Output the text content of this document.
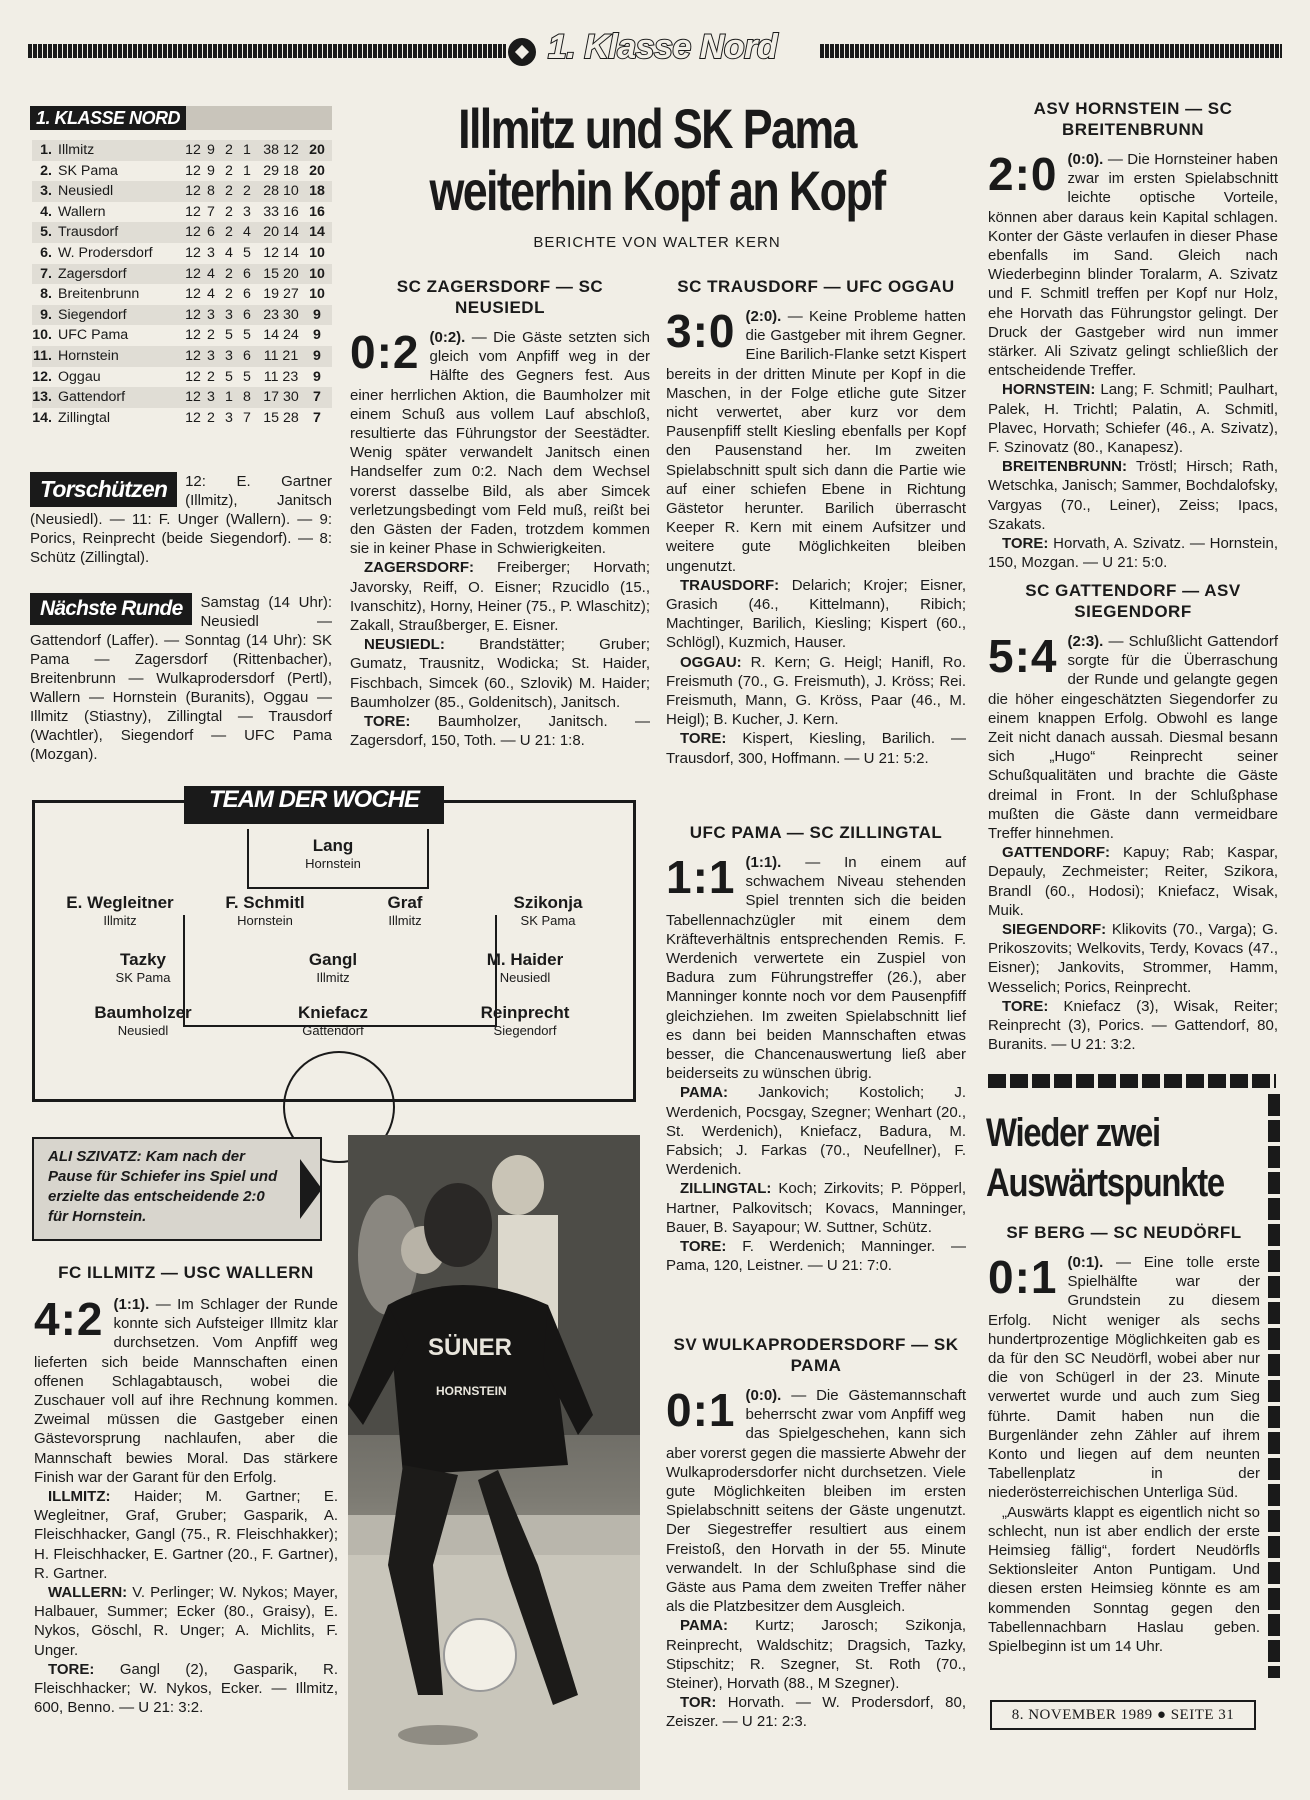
1. Klasse Nord
1. KLASSE NORD
1. Illmitz	12 9 2 1 38 12 20
2. SK Pama	12 9 2 1 29 18 20
3. Neusiedl	12 8 2 2 28 10 18
4. Wallern	12 7 2 3 33 16 16
5. Trausdorf	12 6 2 4 20 14 14
6. W. Prodersdorf	12 3 4 5 12 14 10
7. Zagersdorf	12 4 2 6 15 20 10
8. Breitenbrunn	12 4 2 6 19 27 10
9. Siegendorf	12 3 3 6 23 30	9
10. UFC Pama	12 2 5 5 14 24	9
11. Hornstein	12 3 3 6 11 21	9
12. Oggau	12 2 5 5 11 23	9
13. Gattendorf	12 3 1 8 17 30	7
14. Zillingtal	12 2 3 7 15 28	7
Torschützen	12: E. Gartner (Illmitz), Janitsch (Neusiedl). — 11: F. Unger (Wallern). — 9: Porics, Reinprecht (beide Siegendorf). — 8: Schütz (Zillingtal).
Nächste Runde	Samstag (14 Uhr): Neusiedl — Gattendorf (Laffer). — Sonntag (14 Uhr): SK Pama — Zagersdorf (Rittenbacher), Breitenbrunn — Wulkaprodersdorf (Pertl), Wallern — Hornstein (Buranits), Oggau — Illmitz (Stiastny), Zillingtal — Trausdorf (Wachtler), Siegendorf — UFC Pama (Mozgan).
TEAM DER WOCHE
Lang
Hornstein
E. Wegleitner
Illmitz
F. Schmitl
Hornstein
Graf
Illmitz
Szikonja
SK Pama
Tazky
SK Pama
Gangl
Illmitz
M. Haider
Neusiedl
Baumholzer
Neusiedl
Kniefacz
Gattendorf
Reinprecht
Siegendorf
ALI SZIVATZ: Kam nach der Pause für Schiefer ins Spiel und erzielte das entscheidende 2:0 für Hornstein.
SÜNER
HORNSTEIN
FC ILLMITZ — USC WALLERN
4:2 (1:1). — Im Schlager der Runde konnte sich Aufsteiger Illmitz klar durchsetzen. Vom Anpfiff weg lieferten sich beide Mannschaften einen offenen Schlagabtausch, wobei die Zuschauer voll auf ihre Rechnung kommen. Zweimal müssen die Gastgeber einen Gästevorsprung nachlaufen, aber die Mannschaft bewies Moral. Das stärkere Finish war der Garant für den Erfolg.
ILLMITZ: Haider; M. Gartner; E. Wegleitner, Graf, Gruber; Gasparik, A. Fleischhacker, Gangl (75., R. Fleischhakker); H. Fleischhacker, E. Gartner (20., F. Gartner), R. Gartner.
WALLERN: V. Perlinger; W. Nykos; Mayer, Halbauer, Summer; Ecker (80., Graisy), E. Nykos, Göschl, R. Unger; A. Michlits, F. Unger.
TORE: Gangl (2), Gasparik, R. Fleischhacker; W. Nykos, Ecker. — Illmitz, 600, Benno. — U 21: 3:2.
Illmitz und SK Pama weiterhin Kopf an Kopf
BERICHTE VON WALTER KERN
SC ZAGERSDORF — SC NEUSIEDL
0:2 (0:2). — Die Gäste setzten sich gleich vom Anpfiff weg in der Hälfte des Gegners fest. Aus einer herrlichen Aktion, die Baumholzer mit einem Schuß aus vollem Lauf abschloß, resultierte das Führungstor der Seestädter. Wenig später verwandelt Janitsch einen Handselfer zum 0:2. Nach dem Wechsel vorerst dasselbe Bild, als aber Simcek verletzungsbedingt vom Feld muß, reißt bei den Gästen der Faden, trotzdem kommen sie in keiner Phase in Schwierigkeiten.
ZAGERSDORF: Freiberger; Horvath; Javorsky, Reiff, O. Eisner; Rzucidlo (15., Ivanschitz), Horny, Heiner (75., P. Wlaschitz); Zakall, Straußberger, E. Eisner.
NEUSIEDL: Brandstätter; Gruber; Gumatz, Trausnitz, Wodicka; St. Haider, Fischbach, Simcek (60., Szlovik) M. Haider; Baumholzer (85., Goldenitsch), Janitsch.
TORE: Baumholzer, Janitsch. — Zagersdorf, 150, Toth. — U 21: 1:8.
SC TRAUSDORF — UFC OGGAU
3:0 (2:0). — Keine Probleme hatten die Gastgeber mit ihrem Gegner. Eine Barilich-Flanke setzt Kispert bereits in der dritten Minute per Kopf in die Maschen, in der Folge etliche gute Sitzer nicht verwertet, aber kurz vor dem Pausenpfiff stellt Kiesling ebenfalls per Kopf den Pausenstand her. Im zweiten Spielabschnitt spult sich dann die Partie wie auf einer schiefen Ebene in Richtung Gästetor herunter. Barilich überrascht Keeper R. Kern mit einem Aufsitzer und weitere gute Möglichkeiten bleiben ungenutzt.
TRAUSDORF: Delarich; Krojer; Eisner, Grasich (46., Kittelmann), Ribich; Machtinger, Barilich, Kiesling; Kispert (60., Schlögl), Kuzmich, Hauser.
OGGAU: R. Kern; G. Heigl; Hanifl, Ro. Freismuth (70., G. Freismuth), J. Kröss; Rei. Freismuth, Mann, G. Kröss, Paar (46., M. Heigl); B. Kucher, J. Kern.
TORE: Kispert, Kiesling, Barilich. — Trausdorf, 300, Hoffmann. — U 21: 5:2.
UFC PAMA — SC ZILLINGTAL
1:1 (1:1). — In einem auf schwachem Niveau stehenden Spiel trennten sich die beiden Tabellennachzügler mit einem dem Kräfteverhältnis entsprechenden Remis. F. Werdenich verwertete ein Zuspiel von Badura zum Führungstreffer (26.), aber Manninger konnte noch vor dem Pausenpfiff gleichziehen. Im zweiten Spielabschnitt lief es dann bei beiden Mannschaften etwas besser, die Chancenauswertung ließ aber beiderseits zu wünschen übrig.
PAMA: Jankovich; Kostolich; J. Werdenich, Pocsgay, Szegner; Wenhart (20., St. Werdenich), Kniefacz, Badura, M. Fabsich; J. Farkas (70., Neufellner), F. Werdenich.
ZILLINGTAL: Koch; Zirkovits; P. Pöpperl, Hartner, Palkovitsch; Kovacs, Manninger, Bauer, B. Sayapour; W. Suttner, Schütz.
TORE: F. Werdenich; Manninger. — Pama, 120, Leistner. — U 21: 7:0.
SV WULKAPRODERSDORF — SK PAMA
0:1 (0:0). — Die Gästemannschaft beherrscht zwar vom Anpfiff weg das Spielgeschehen, kann sich aber vorerst gegen die massierte Abwehr der Wulkaprodersdorfer nicht durchsetzen. Viele gute Möglichkeiten bleiben im ersten Spielabschnitt seitens der Gäste ungenutzt. Der Siegestreffer resultiert aus einem Freistoß, den Horvath in der 55. Minute verwandelt. In der Schlußphase sind die Gäste aus Pama dem zweiten Treffer näher als die Platzbesitzer dem Ausgleich.
PAMA: Kurtz; Jarosch; Szikonja, Reinprecht, Waldschitz; Dragsich, Tazky, Stipschitz; R. Szegner, St. Roth (70., Steiner), Horvath (88., M Szegner).
TOR: Horvath. — W. Prodersdorf, 80, Zeiszer. — U 21: 2:3.
ASV HORNSTEIN — SC BREITENBRUNN
2:0 (0:0). — Die Hornsteiner haben zwar im ersten Spielabschnitt leichte optische Vorteile, können aber daraus kein Kapital schlagen. Konter der Gäste verlaufen in dieser Phase ebenfalls im Sand. Gleich nach Wiederbeginn blinder Toralarm, A. Szivatz und F. Schmitl treffen per Kopf nur Holz, ehe Horvath das Führungstor gelingt. Der Druck der Gastgeber wird nun immer stärker. Ali Szivatz gelingt schließlich der entscheidende Treffer.
HORNSTEIN: Lang; F. Schmitl; Paulhart, Palek, H. Trichtl; Palatin, A. Schmitl, Plavec, Horvath; Schiefer (46., A. Szivatz), F. Szinovatz (80., Kanapesz).
BREITENBRUNN: Tröstl; Hirsch; Rath, Wetschka, Janisch; Sammer, Bochdalofsky, Vargyas (70., Leiner), Zeiss; Ipacs, Szakats.
TORE: Horvath, A. Szivatz. — Hornstein, 150, Mozgan. — U 21: 5:0.
SC GATTENDORF — ASV SIEGENDORF
5:4 (2:3). — Schlußlicht Gattendorf sorgte für die Überraschung der Runde und gelangte gegen die höher eingeschätzten Siegendorfer zu einem knappen Erfolg. Obwohl es lange Zeit nicht danach aussah. Diesmal besann sich „Hugo“ Reinprecht seiner Schußqualitäten und brachte die Gäste dreimal in Front. In der Schlußphase mußten die Gäste dann vermeidbare Treffer hinnehmen.
GATTENDORF: Kapuy; Rab; Kaspar, Depauly, Zechmeister; Reiter, Szikora, Brandl (60., Hodosi); Kniefacz, Wisak, Muik.
SIEGENDORF: Klikovits (70., Varga); G. Prikoszovits; Welkovits, Terdy, Kovacs (47., Eisner); Jankovits, Strommer, Hamm, Wesselich; Porics, Reinprecht.
TORE: Kniefacz (3), Wisak, Reiter; Reinprecht (3), Porics. — Gattendorf, 80, Buranits. — U 21: 3:2.
Wieder zwei Auswärtspunkte
SF BERG — SC NEUDÖRFL
0:1 (0:1). — Eine tolle erste Spielhälfte war der Grundstein zu diesem Erfolg. Nicht weniger als sechs hundertprozentige Möglichkeiten gab es da für den SC Neudörfl, wobei aber nur die von Schügerl in der 23. Minute verwertet wurde und auch zum Sieg führte. Damit haben nun die Burgenländer zehn Zähler auf ihrem Konto und liegen auf dem neunten Tabellenplatz in der niederösterreichischen Unterliga Süd.
„Auswärts klappt es eigentlich nicht so schlecht, nun ist aber endlich der erste Heimsieg fällig“, fordert Neudörfls Sektionsleiter Anton Puntigam. Und diesen ersten Heimsieg könnte es am kommenden Sonntag gegen den Tabellennachbarn Haslau geben. Spielbeginn ist um 14 Uhr.
8. NOVEMBER 1989 ● SEITE 31
